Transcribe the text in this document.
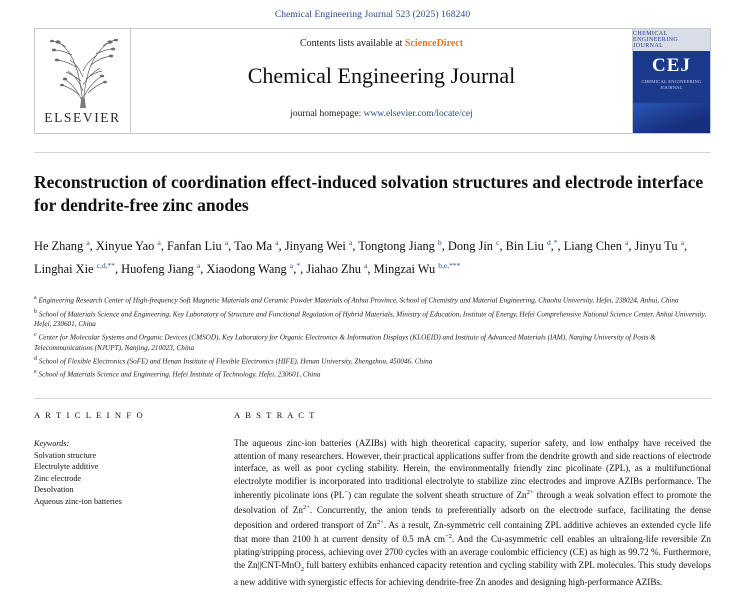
Chemical Engineering Journal 523 (2025) 168240
ELSEVIER
Contents lists available at ScienceDirect
Chemical Engineering Journal
journal homepage: www.elsevier.com/locate/cej
CHEMICAL ENGINEERING JOURNAL
CEJ
CHEMICAL ENGINEERING JOURNAL
Reconstruction of coordination effect-induced solvation structures and electrode interface for dendrite-free zinc anodes
He Zhang $^a$, Xinyue Yao $^a$, Fanfan Liu $^a$, Tao Ma $^a$, Jinyang Wei $^a$, Tongtong Jiang $^b$, Dong Jin $^c$, Bin Liu $^d$,*, Liang Chen $^a$, Jinyu Tu $^a$, Linghai Xie $^{c,d,**}$, Huofeng Jiang $^a$, Xiaodong Wang $^a$,*, Jiahao Zhu $^a$, Mingzai Wu $^{b,e,***}$
$^a$ Engineering Research Center of High-frequency Soft Magnetic Materials and Ceramic Powder Materials of Anhui Province, School of Chemistry and Material Engineering, Chaohu University, Hefei, 238024, Anhui, China
$^b$ School of Materials Science and Engineering, Key Laboratory of Structure and Functional Regulation of Hybrid Materials, Ministry of Education, Institute of Energy, Hefei Comprehensive National Science Center, Anhui University, Hefei, 230601, China
$^c$ Center for Molecular Systems and Organic Devices (CMSOD), Key Laboratory for Organic Electronics & Information Displays (KLOEID) and Institute of Advanced Materials (IAM), Nanjing University of Posts & Telecommunications (NJUPT), Nanjing, 210023, China
$^d$ School of Flexible Electronics (SoFE) and Henan Institute of Flexible Electronics (HIFE), Henan University, Zhengzhou, 450046, China
$^e$ School of Materials Science and Engineering, Hefei Institute of Technology, Hefei, 230601, China
A R T I C L E I N F O
Keywords:
Solvation structure
Electrolyte additive
Zinc electrode
Desolvation
Aqueous zinc-ion batteries
A B S T R A C T
The aqueous zinc-ion batteries (AZIBs) with high theoretical capacity, superior safety, and low enthalpy have received the attention of many researchers. However, their practical applications suffer from the dendrite growth and side reactions of electrode interface, as well as poor cycling stability. Herein, the environmentally friendly zinc picolinate (ZPL), as a multifunctional electrolyte modifier is incorporated into traditional electrolyte to stabilize zinc electrodes and improve AZIBs performance. The inherently picolinate ions (PL−) can regulate the solvent sheath structure of $Zn^{2+}$ through a weak solvation effect to promote the desolvation of $Zn^{2+}$. Concurrently, the anion tends to preferentially adsorb on the electrode surface, facilitating the dense deposition and ordered transport of $Zn^{2+}$. As a result, Zn-symmetric cell containing ZPL additive achieves an extended cycle life that more than 2100 h at current density of 0.5 mA $cm^{-2}$. And the Cu-asymmetric cell enables an ultralong-life reversible Zn plating/stripping process, achieving over 2700 cycles with an average coulombic efficiency (CE) as high as 99.72 %. Furthermore, the Zn||CNT-MnO$_2$ full battery exhibits enhanced capacity retention and cycling stability with ZPL molecules. This study develops a new additive with synergistic effects for achieving dendrite-free Zn anodes and designing high-performance AZIBs.
